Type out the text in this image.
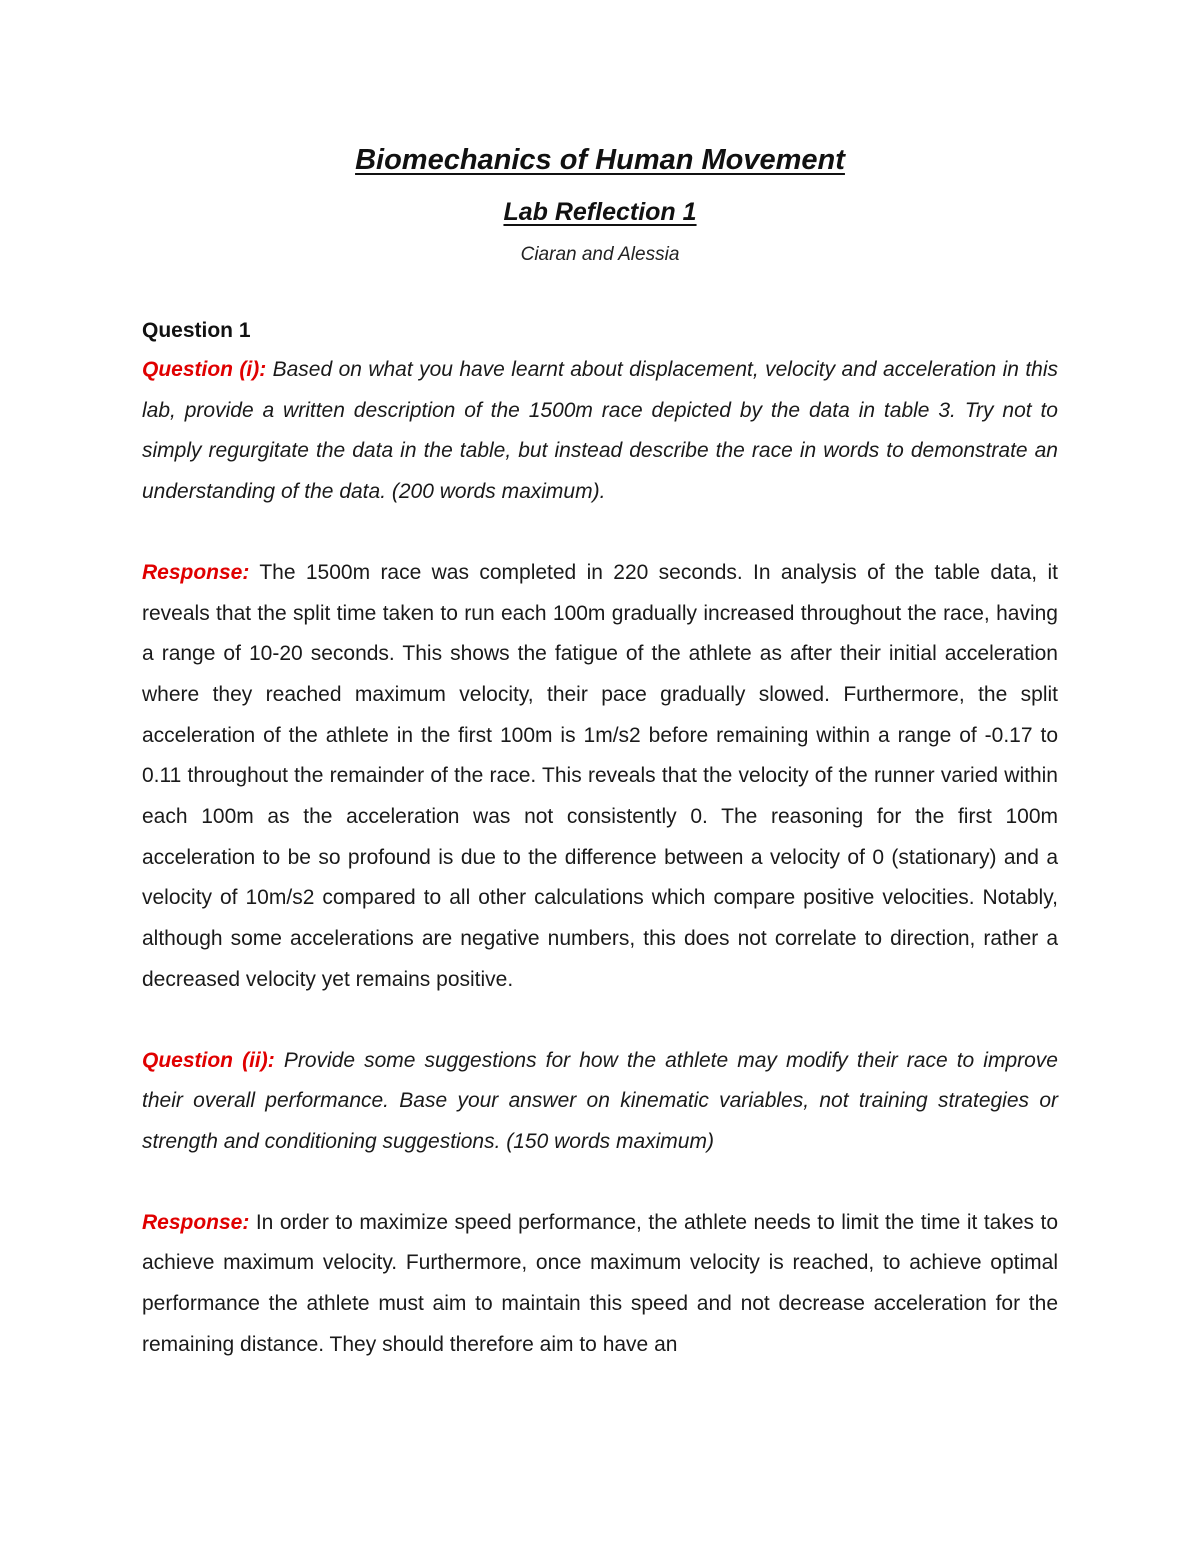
Biomechanics of Human Movement
Lab Reflection 1

Ciaran and Alessia

Question 1

Question (i): Based on what you have learnt about displacement, velocity and acceleration in this lab, provide a written description of the 1500m race depicted by the data in table 3. Try not to simply regurgitate the data in the table, but instead describe the race in words to demonstrate an understanding of the data. (200 words maximum).

Response: The 1500m race was completed in 220 seconds. In analysis of the table data, it reveals that the split time taken to run each 100m gradually increased throughout the race, having a range of 10-20 seconds. This shows the fatigue of the athlete as after their initial acceleration where they reached maximum velocity, their pace gradually slowed. Furthermore, the split acceleration of the athlete in the first 100m is 1m/s2 before remaining within a range of -0.17 to 0.11 throughout the remainder of the race. This reveals that the velocity of the runner varied within each 100m as the acceleration was not consistently 0. The reasoning for the first 100m acceleration to be so profound is due to the difference between a velocity of 0 (stationary) and a velocity of 10m/s2 compared to all other calculations which compare positive velocities. Notably, although some accelerations are negative numbers, this does not correlate to direction, rather a decreased velocity yet remains positive.

Question (ii): Provide some suggestions for how the athlete may modify their race to improve their overall performance. Base your answer on kinematic variables, not training strategies or strength and conditioning suggestions. (150 words maximum)

Response: In order to maximize speed performance, the athlete needs to limit the time it takes to achieve maximum velocity. Furthermore, once maximum velocity is reached, to achieve optimal performance the athlete must aim to maintain this speed and not decrease acceleration for the remaining distance. They should therefore aim to have an
